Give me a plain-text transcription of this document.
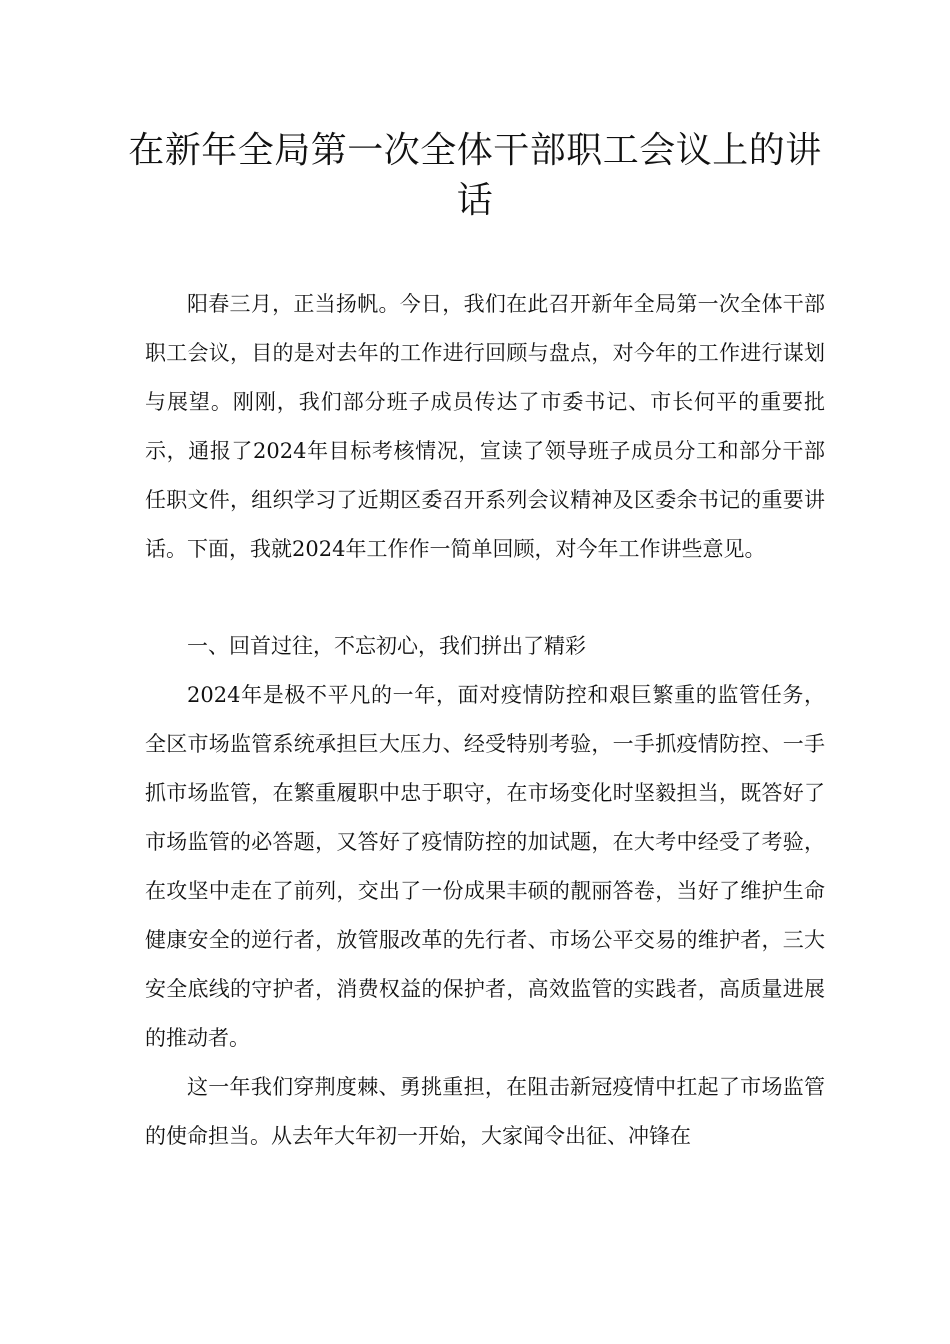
在新年全局第一次全体干部职工会议上的讲话

阳春三月，正当扬帆。今日，我们在此召开新年全局第一次全体干部职工会议，目的是对去年的工作进行回顾与盘点，对今年的工作进行谋划与展望。刚刚，我们部分班子成员传达了市委书记、市长何平的重要批示，通报了2024年目标考核情况，宣读了领导班子成员分工和部分干部任职文件，组织学习了近期区委召开系列会议精神及区委余书记的重要讲话。下面，我就2024年工作作一简单回顾，对今年工作讲些意见。

一、回首过往，不忘初心，我们拼出了精彩

2024年是极不平凡的一年，面对疫情防控和艰巨繁重的监管任务，全区市场监管系统承担巨大压力、经受特别考验，一手抓疫情防控、一手抓市场监管，在繁重履职中忠于职守，在市场变化时坚毅担当，既答好了市场监管的必答题，又答好了疫情防控的加试题，在大考中经受了考验，在攻坚中走在了前列，交出了一份成果丰硕的靓丽答卷，当好了维护生命健康安全的逆行者，放管服改革的先行者、市场公平交易的维护者，三大安全底线的守护者，消费权益的保护者，高效监管的实践者，高质量进展的推动者。

这一年我们穿荆度棘、勇挑重担，在阻击新冠疫情中扛起了市场监管的使命担当。从去年大年初一开始，大家闻令出征、冲锋在
